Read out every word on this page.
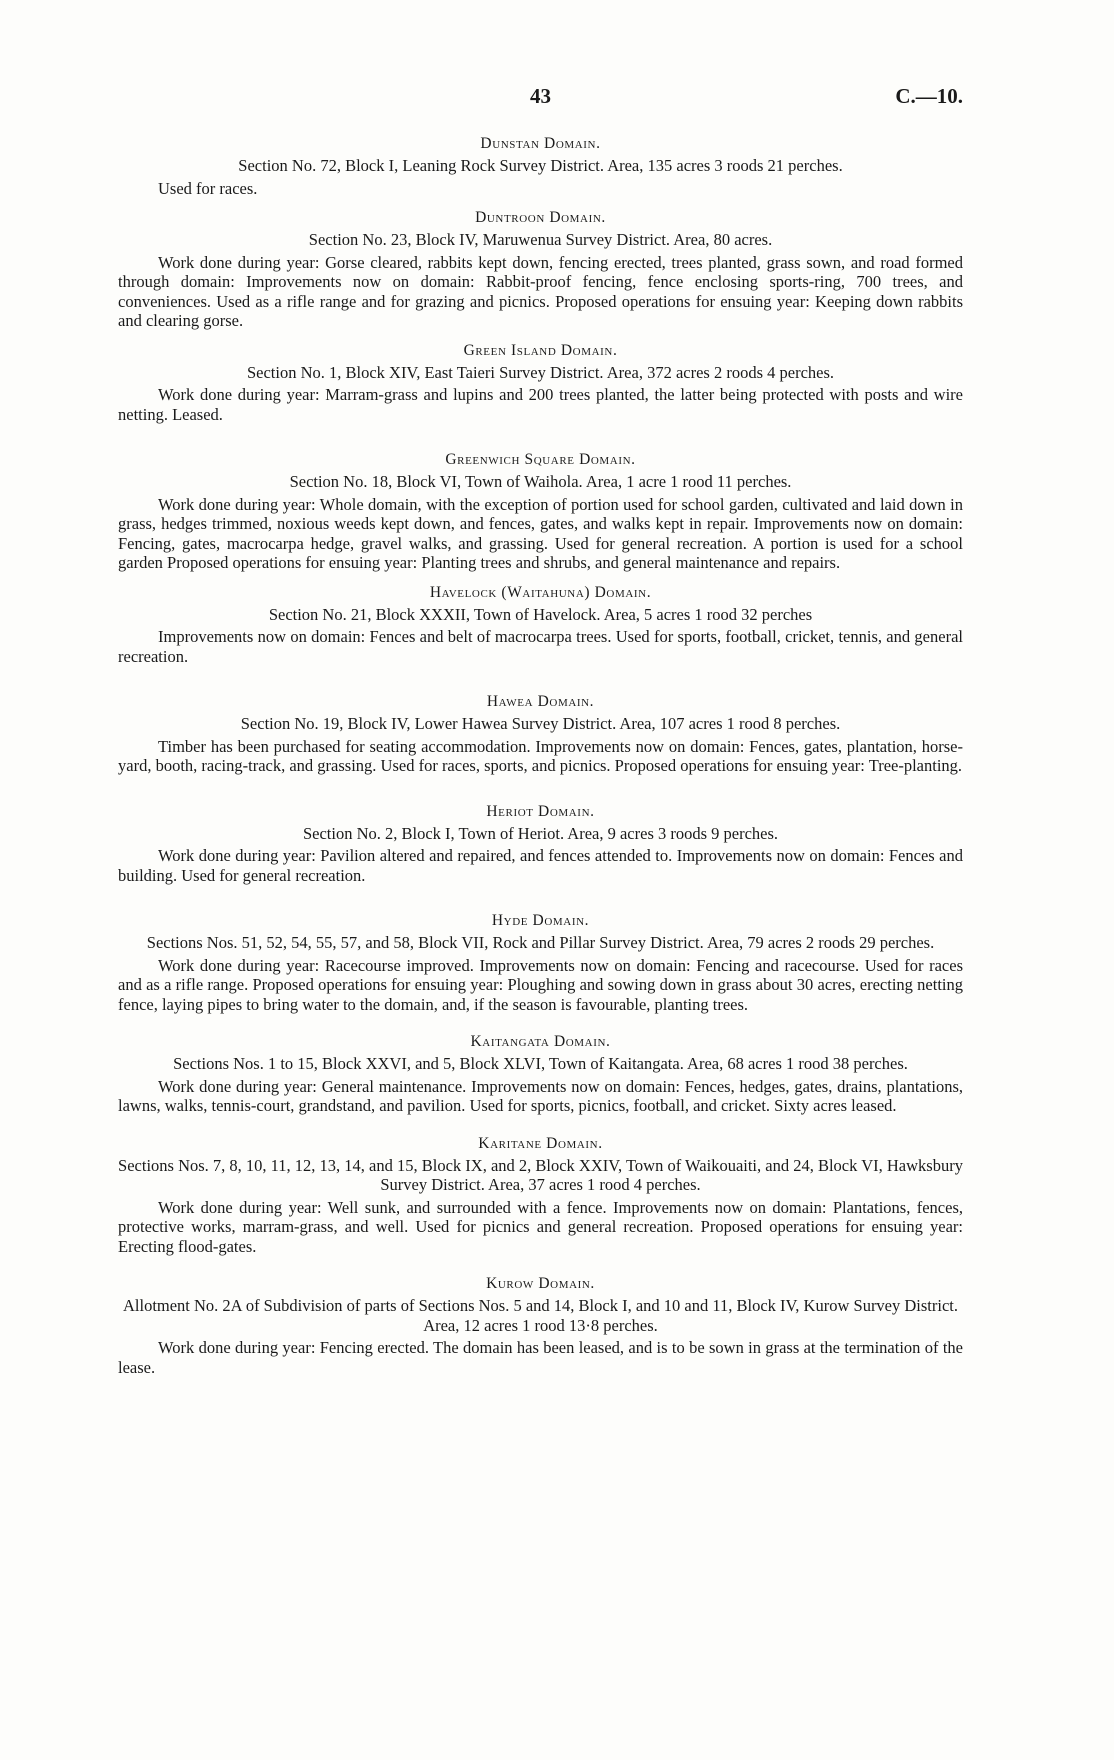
43	C.—10.
Dunstan Domain.

Section No. 72, Block I, Leaning Rock Survey District. Area, 135 acres 3 roods 21 perches.

Used for races.

Duntroon Domain.

Section No. 23, Block IV, Maruwenua Survey District. Area, 80 acres.

Work done during year: Gorse cleared, rabbits kept down, fencing erected, trees planted, grass sown, and road formed through domain: Improvements now on domain: Rabbit-proof fencing, fence enclosing sports-ring, 700 trees, and conveniences. Used as a rifle range and for grazing and picnics. Proposed operations for ensuing year: Keeping down rabbits and clearing gorse.

Green Island Domain.

Section No. 1, Block XIV, East Taieri Survey District. Area, 372 acres 2 roods 4 perches.

Work done during year: Marram-grass and lupins and 200 trees planted, the latter being protected with posts and wire netting. Leased.

Greenwich Square Domain.

Section No. 18, Block VI, Town of Waihola. Area, 1 acre 1 rood 11 perches.

Work done during year: Whole domain, with the exception of portion used for school garden, cultivated and laid down in grass, hedges trimmed, noxious weeds kept down, and fences, gates, and walks kept in repair. Improvements now on domain: Fencing, gates, macrocarpa hedge, gravel walks, and grassing. Used for general recreation. A portion is used for a school garden Proposed operations for ensuing year: Planting trees and shrubs, and general maintenance and repairs.

Havelock (Waitahuna) Domain.

Section No. 21, Block XXXII, Town of Havelock. Area, 5 acres 1 rood 32 perches

Improvements now on domain: Fences and belt of macrocarpa trees. Used for sports, football, cricket, tennis, and general recreation.

Hawea Domain.

Section No. 19, Block IV, Lower Hawea Survey District. Area, 107 acres 1 rood 8 perches.

Timber has been purchased for seating accommodation. Improvements now on domain: Fences, gates, plantation, horse-yard, booth, racing-track, and grassing. Used for races, sports, and picnics. Proposed operations for ensuing year: Tree-planting.

Heriot Domain.

Section No. 2, Block I, Town of Heriot. Area, 9 acres 3 roods 9 perches.

Work done during year: Pavilion altered and repaired, and fences attended to. Improvements now on domain: Fences and building. Used for general recreation.

Hyde Domain.

Sections Nos. 51, 52, 54, 55, 57, and 58, Block VII, Rock and Pillar Survey District. Area, 79 acres 2 roods 29 perches.

Work done during year: Racecourse improved. Improvements now on domain: Fencing and racecourse. Used for races and as a rifle range. Proposed operations for ensuing year: Ploughing and sowing down in grass about 30 acres, erecting netting fence, laying pipes to bring water to the domain, and, if the season is favourable, planting trees.

Kaitangata Domain.

Sections Nos. 1 to 15, Block XXVI, and 5, Block XLVI, Town of Kaitangata. Area, 68 acres 1 rood 38 perches.

Work done during year: General maintenance. Improvements now on domain: Fences, hedges, gates, drains, plantations, lawns, walks, tennis-court, grandstand, and pavilion. Used for sports, picnics, football, and cricket. Sixty acres leased.

Karitane Domain.

Sections Nos. 7, 8, 10, 11, 12, 13, 14, and 15, Block IX, and 2, Block XXIV, Town of Waikouaiti, and 24, Block VI, Hawksbury Survey District. Area, 37 acres 1 rood 4 perches.

Work done during year: Well sunk, and surrounded with a fence. Improvements now on domain: Plantations, fences, protective works, marram-grass, and well. Used for picnics and general recreation. Proposed operations for ensuing year: Erecting flood-gates.

Kurow Domain.

Allotment No. 2A of Subdivision of parts of Sections Nos. 5 and 14, Block I, and 10 and 11, Block IV, Kurow Survey District. Area, 12 acres 1 rood 13·8 perches.

Work done during year: Fencing erected. The domain has been leased, and is to be sown in grass at the termination of the lease.
